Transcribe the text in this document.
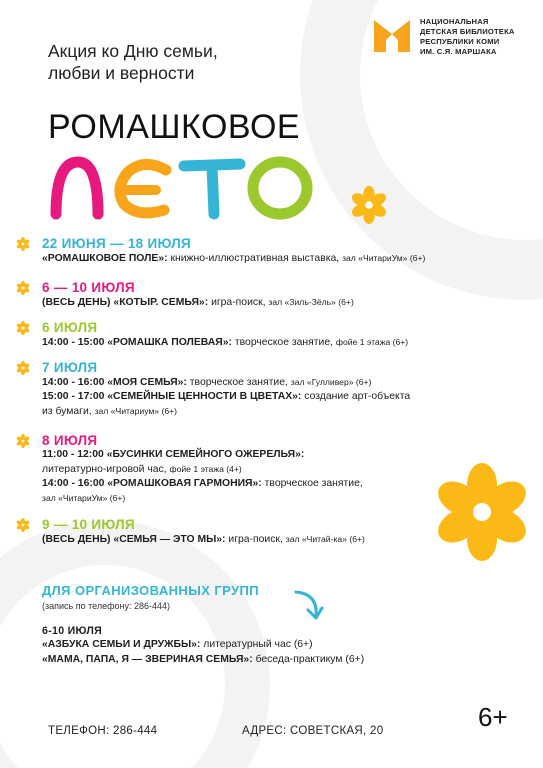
Акция ко Дню семьи,
любви и верности
НАЦИОНАЛЬНАЯ
ДЕТСКАЯ БИБЛИОТЕКА
РЕСПУБЛИКИ КОМИ
ИМ. С.Я. МАРШАКА
РОМАШКОВОЕ
22 ИЮНЯ — 18 ИЮЛЯ
«РОМАШКОВОЕ ПОЛЕ»: книжно-иллюстративная выставка, зал «ЧитариУм» (6+)
6 — 10 ИЮЛЯ
(ВЕСЬ ДЕНЬ) «КОТЫР. СЕМЬЯ»: игра-поиск, зал «Зиль-Зёль» (6+)
6 ИЮЛЯ
14:00 - 15:00 «РОМАШКА ПОЛЕВАЯ»: творческое занятие, фойе 1 этажа (6+)
7 ИЮЛЯ
14:00 - 16:00 «МОЯ СЕМЬЯ»: творческое занятие, зал «Гулливер» (6+)
15:00 - 17:00 «СЕМЕЙНЫЕ ЦЕННОСТИ В ЦВЕТАХ»: создание арт-объекта
из бумаги, зал «Читариум» (6+)
8 ИЮЛЯ
11:00 - 12:00 «БУСИНКИ СЕМЕЙНОГО ОЖЕРЕЛЬЯ»:
литературно-игровой час, фойе 1 этажа (4+)
14:00 - 16:00 «РОМАШКОВАЯ ГАРМОНИЯ»: творческое занятие,
зал «ЧитариУм» (6+)
9 — 10 ИЮЛЯ
(ВЕСЬ ДЕНЬ) «СЕМЬЯ — ЭТО МЫ»: игра-поиск, зал «Читай-ка» (6+)
ДЛЯ ОРГАНИЗОВАННЫХ ГРУПП
(запись по телефону: 286-444)
6-10 ИЮЛЯ
«АЗБУКА СЕМЬИ И ДРУЖБЫ»: литературный час (6+)
«МАМА, ПАПА, Я — ЗВЕРИНАЯ СЕМЬЯ»: беседа-практикум (6+)
ТЕЛЕФОН: 286-444	АДРЕС: СОВЕТСКАЯ, 20	6+
